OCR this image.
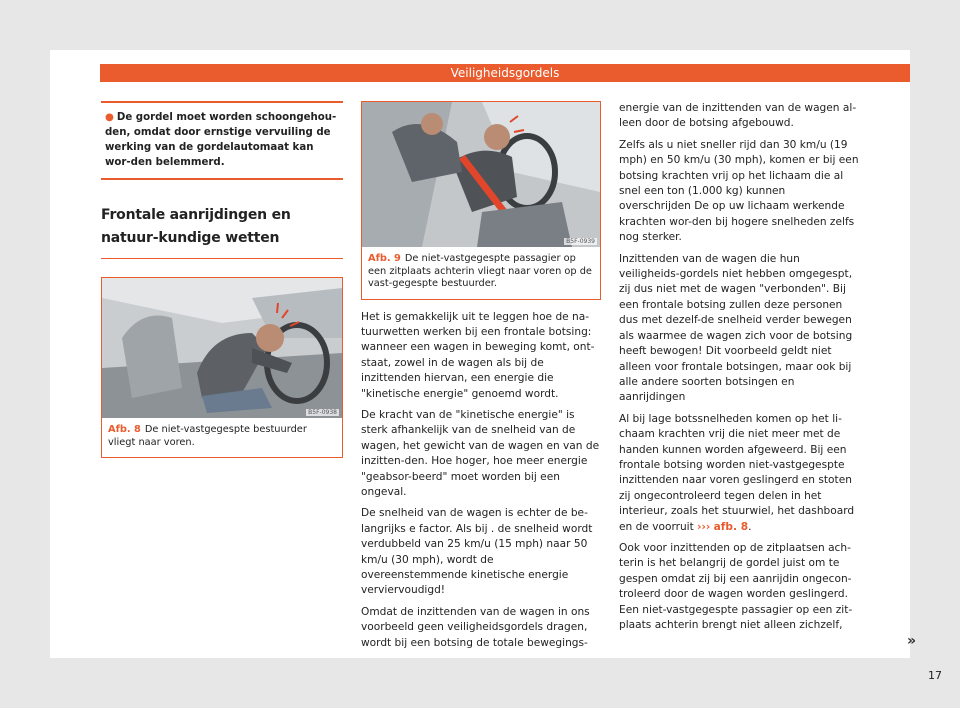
Veiligheidsgordels
● De gordel moet worden schoongehou-den, omdat door ernstige vervuiling de werking van de gordelautomaat kan wor-den belemmerd.
Frontale aanrijdingen en natuur-kundige wetten
B5F-0938
Afb. 8 De niet-vastgegespte bestuurder vliegt naar voren.
B5F-0939
Afb. 9 De niet-vastgegespte passagier op een zitplaats achterin vliegt naar voren op de vast-gegespte bestuurder.

Het is gemakkelijk uit te leggen hoe de na-tuurwetten werken bij een frontale botsing: wanneer een wagen in beweging komt, ont-staat, zowel in de wagen als bij de inzittenden hiervan, een energie die "kinetische energie" genoemd wordt.

De kracht van de "kinetische energie" is sterk afhankelijk van de snelheid van de wagen, het gewicht van de wagen en van de inzitten-den. Hoe hoger, hoe meer energie "geabsor-beerd" moet worden bij een ongeval.

De snelheid van de wagen is echter de be-langrijks e factor. Als bij . de snelheid wordt verdubbeld van 25 km/u (15 mph) naar 50 km/u (30 mph), wordt de overeenstemmende kinetische energie verviervoudigd!

Omdat de inzittenden van de wagen in ons voorbeeld geen veiligheidsgordels dragen, wordt bij een botsing de totale bewegings-

energie van de inzittenden van de wagen al-leen door de botsing afgebouwd.

Zelfs als u niet sneller rijd dan 30 km/u (19 mph) en 50 km/u (30 mph), komen er bij een botsing krachten vrij op het lichaam die al snel een ton (1.000 kg) kunnen overschrijden De op uw lichaam werkende krachten wor-den bij hogere snelheden zelfs nog sterker.

Inzittenden van de wagen die hun veiligheids-gordels niet hebben omgegespt, zij dus niet met de wagen "verbonden". Bij een frontale botsing zullen deze personen dus met dezelf-de snelheid verder bewegen als waarmee de wagen zich voor de botsing heeft bewogen! Dit voorbeeld geldt niet alleen voor frontale botsingen, maar ook bij alle andere soorten botsingen en aanrijdingen

Al bij lage botssnelheden komen op het li-chaam krachten vrij die niet meer met de handen kunnen worden afgeweerd. Bij een frontale botsing worden niet-vastgegespte inzittenden naar voren geslingerd en stoten zij ongecontroleerd tegen delen in het interieur, zoals het stuurwiel, het dashboard en de voorruit ››› afb. 8.

Ook voor inzittenden op de zitplaatsen ach-terin is het belangrij de gordel juist om te gespen omdat zij bij een aanrijdin ongecon-troleerd door de wagen worden geslingerd. Een niet-vastgegespte passagier op een zit-plaats achterin brengt niet alleen zichzelf,

»
17
